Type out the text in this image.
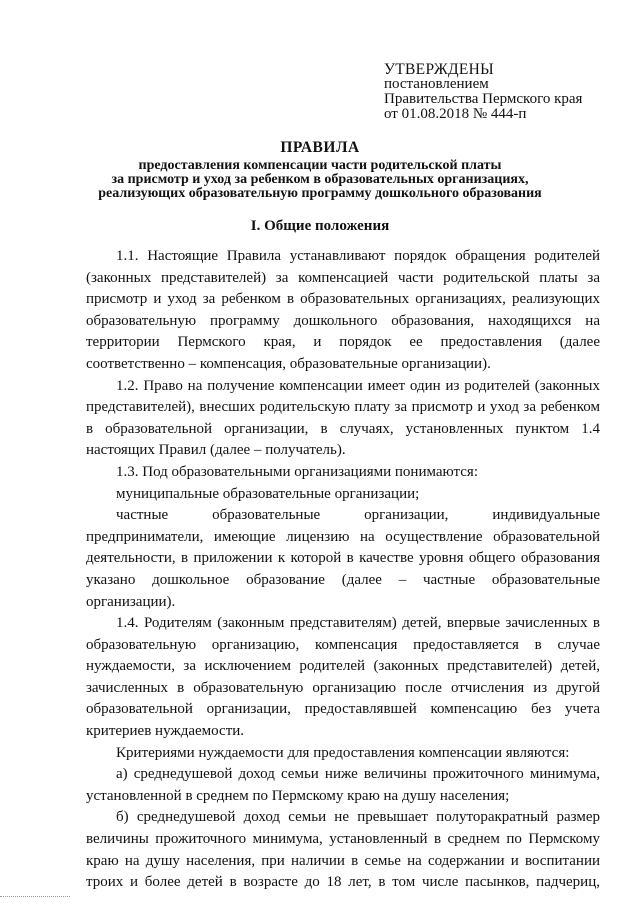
УТВЕРЖДЕНЫ
постановлением
Правительства Пермского края
от 01.08.2018 № 444-п
ПРАВИЛА
предоставления компенсации части родительской платы
за присмотр и уход за ребенком в образовательных организациях,
реализующих образовательную программу дошкольного образования
I. Общие положения

1.1. Настоящие Правила устанавливают порядок обращения родителей (законных представителей) за компенсацией части родительской платы за присмотр и уход за ребенком в образовательных организациях, реализующих образовательную программу дошкольного образования, находящихся на территории Пермского края, и порядок ее предоставления (далее соответственно – компенсация, образовательные организации).

1.2. Право на получение компенсации имеет один из родителей (законных представителей), внесших родительскую плату за присмотр и уход за ребенком в образовательной организации, в случаях, установленных пунктом 1.4 настоящих Правил (далее – получатель).

1.3. Под образовательными организациями понимаются:

муниципальные образовательные организации;

частные образовательные организации, индивидуальные предприниматели, имеющие лицензию на осуществление образовательной деятельности, в приложении к которой в качестве уровня общего образования указано дошкольное образование (далее – частные образовательные организации).

1.4. Родителям (законным представителям) детей, впервые зачисленных в образовательную организацию, компенсация предоставляется в случае нуждаемости, за исключением родителей (законных представителей) детей, зачисленных в образовательную организацию после отчисления из другой образовательной организации, предоставлявшей компенсацию без учета критериев нуждаемости.

Критериями нуждаемости для предоставления компенсации являются:

а) среднедушевой доход семьи ниже величины прожиточного минимума, установленной в среднем по Пермскому краю на душу населения;

б) среднедушевой доход семьи не превышает полуторакратный размер величины прожиточного минимума, установленный в среднем по Пермскому краю на душу населения, при наличии в семье на содержании и воспитании троих и более детей в возрасте до 18 лет, в том числе пасынков, падчериц,
